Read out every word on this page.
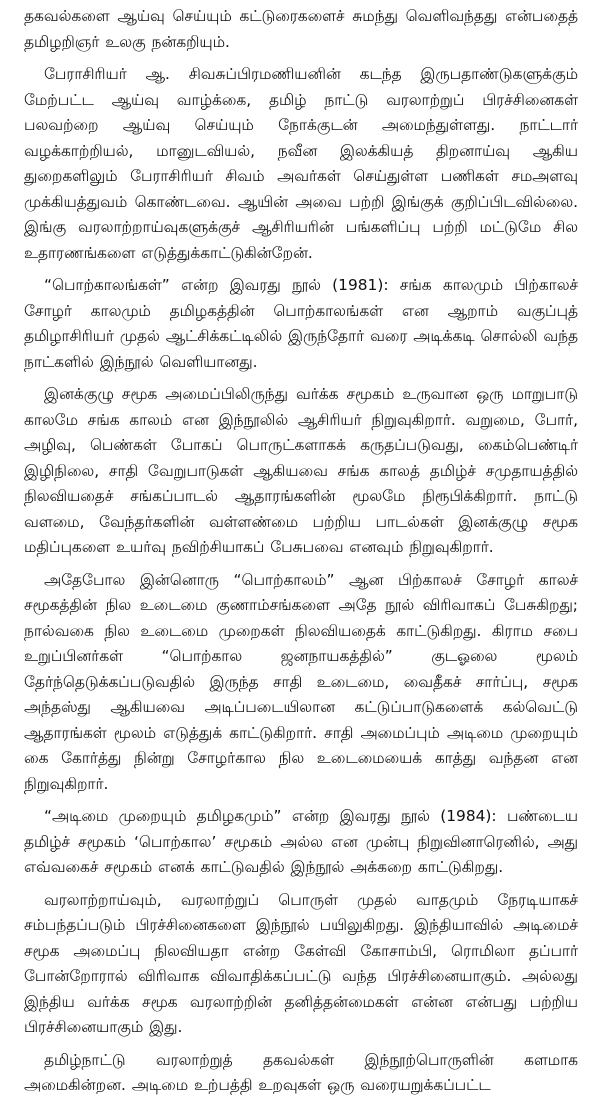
தகவல்களை ஆய்வு செய்யும் கட்டுரைகளைச் சுமந்து வெளிவந்தது என்பதைத் தமிழறிஞர் உலகு நன்கறியும்.

பேராசிரியர் ஆ. சிவசுப்பிரமணியனின் கடந்த இருபதாண்டுகளுக்கும் மேற்பட்ட ஆய்வு வாழ்க்கை, தமிழ் நாட்டு வரலாற்றுப் பிரச்சினைகள் பலவற்றை ஆய்வு செய்யும் நோக்குடன் அமைந்துள்ளது. நாட்டார் வழக்காற்றியல், மானுடவியல், நவீன இலக்கியத் திறனாய்வு ஆகிய துறைகளிலும் பேராசிரியர் சிவம் அவர்கள் செய்துள்ள பணிகள் சமஅளவு முக்கியத்துவம் கொண்டவை. ஆயின் அவை பற்றி இங்குக் குறிப்பிடவில்லை. இங்கு வரலாற்றாய்வுகளுக்குச் ஆசிரியரின் பங்களிப்பு பற்றி மட்டுமே சில உதாரணங்களை எடுத்துக்காட்டுகின்றேன்.

“பொற்காலங்கள்” என்ற இவரது நூல் (1981): சங்க காலமும் பிற்காலச் சோழர் காலமும் தமிழகத்தின் பொற்காலங்கள் என ஆறாம் வகுப்புத் தமிழாசிரியர் முதல் ஆட்சிக்கட்டிலில் இருந்தோர் வரை அடிக்கடி சொல்லி வந்த நாட்களில் இந்நூல் வெளியானது.

இனக்குழு சமூக அமைப்பிலிருந்து வர்க்க சமூகம் உருவான ஒரு மாறுபாடு காலமே சங்க காலம் என இந்நூலில் ஆசிரியர் நிறுவுகிறார். வறுமை, போர், அழிவு, பெண்கள் போகப் பொருட்களாகக் கருதப்படுவது, கைம்பெண்டிர் இழிநிலை, சாதி வேறுபாடுகள் ஆகியவை சங்க காலத் தமிழ்ச் சமுதாயத்தில் நிலவியதைச் சங்கப்பாடல் ஆதாரங்களின் மூலமே நிரூபிக்கிறார். நாட்டு வளமை, வேந்தர்களின் வள்ளண்மை பற்றிய பாடல்கள் இனக்குழு சமூக மதிப்புகளை உயர்வு நவிற்சியாகப் பேசுபவை எனவும் நிறுவுகிறார்.

அதேபோல இன்னொரு “பொற்காலம்” ஆன பிற்காலச் சோழர் காலச் சமூகத்தின் நில உடைமை குணாம்சங்களை அதே நூல் விரிவாகப் பேசுகிறது; நால்வகை நில உடைமை முறைகள் நிலவியதைக் காட்டுகிறது. கிராம சபை உறுப்பினர்கள் “பொற்கால ஜனநாயகத்தில்” குடஓலை மூலம் தேர்ந்தெடுக்கப்படுவதில் இருந்த சாதி உடைமை, வைதீகச் சார்ப்பு, சமூக அந்தஸ்து ஆகியவை அடிப்படையிலான கட்டுப்பாடுகளைக் கல்வெட்டு ஆதாரங்கள் மூலம் எடுத்துக் காட்டுகிறார். சாதி அமைப்பும் அடிமை முறையும் கை கோர்த்து நின்று சோழர்கால நில உடைமையைக் காத்து வந்தன என நிறுவுகிறார்.

“அடிமை முறையும் தமிழகமும்” என்ற இவரது நூல் (1984): பண்டைய தமிழ்ச் சமூகம் ‘பொற்கால’ சமூகம் அல்ல என முன்பு நிறுவினாரெனில், அது எவ்வகைச் சமூகம் எனக் காட்டுவதில் இந்நூல் அக்கறை காட்டுகிறது.

வரலாற்றாய்வும், வரலாற்றுப் பொருள் முதல் வாதமும் நேரடியாகச் சம்பந்தப்படும் பிரச்சினைகளை இந்நூல் பயிலுகிறது. இந்தியாவில் அடிமைச் சமூக அமைப்பு நிலவியதா என்ற கேள்வி கோசாம்பி, ரொமிலா தப்பார் போன்றோரால் விரிவாக விவாதிக்கப்பட்டு வந்த பிரச்சினையாகும். அல்லது இந்திய வர்க்க சமூக வரலாற்றின் தனித்தன்மைகள் என்ன என்பது பற்றிய பிரச்சினையாகும் இது.

தமிழ்நாட்டு வரலாற்றுத் தகவல்கள் இந்நூற்பொருளின் களமாக அமைகின்றன. அடிமை உற்பத்தி உறவுகள் ஒரு வரையறுக்கப்பட்ட
